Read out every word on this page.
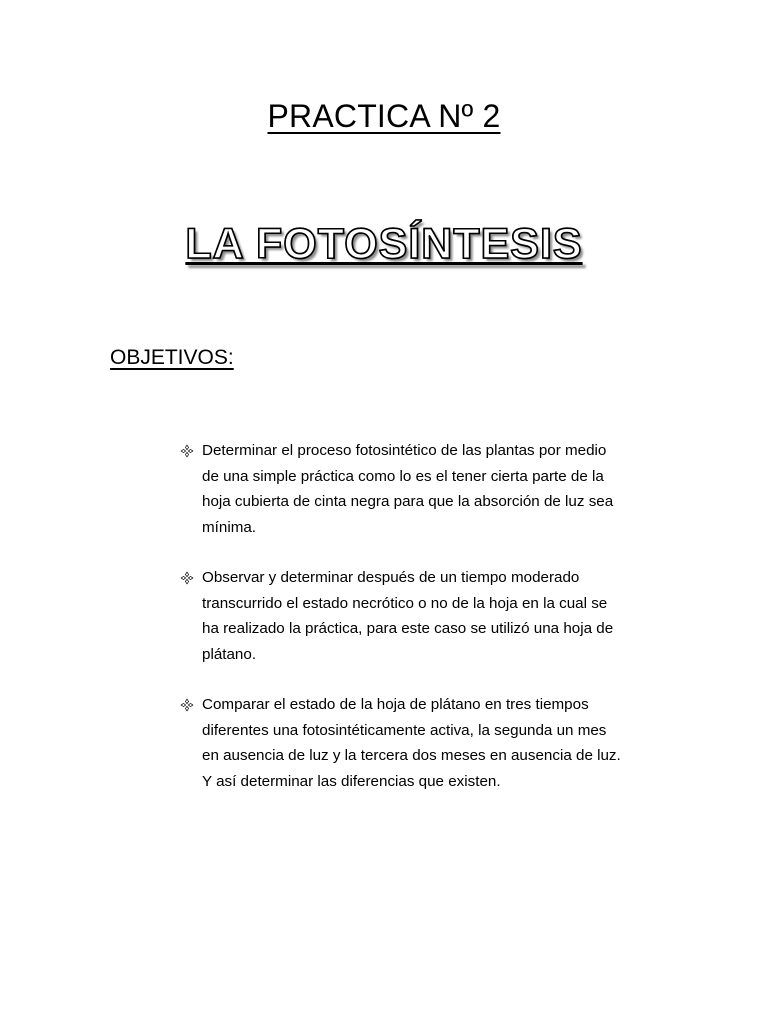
PRACTICA Nº 2
LA FOTOSÍNTESIS
OBJETIVOS:
Determinar el proceso fotosintético de las plantas por medio
de una simple práctica como lo es el tener cierta parte de la
hoja cubierta de cinta negra para que la absorción de luz sea
mínima.
Observar y determinar después de un tiempo moderado
transcurrido el estado necrótico o no de la hoja en la cual se
ha realizado la práctica, para este caso se utilizó una hoja de
plátano.
Comparar el estado de la hoja de plátano en tres tiempos
diferentes una fotosintéticamente activa, la segunda un mes
en ausencia de luz y la tercera dos meses en ausencia de luz.
Y así determinar las diferencias que existen.
